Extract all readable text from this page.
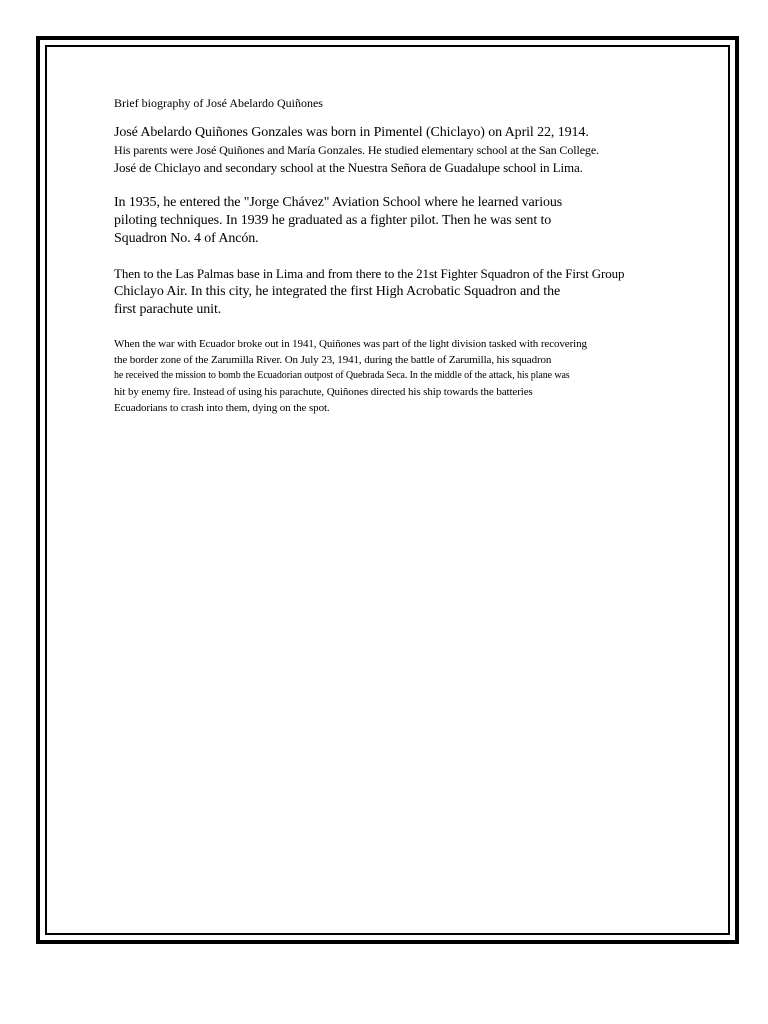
Brief biography of José Abelardo Quiñones
José Abelardo Quiñones Gonzales was born in Pimentel (Chiclayo) on April 22, 1914.
His parents were José Quiñones and María Gonzales. He studied elementary school at the San College.
José de Chiclayo and secondary school at the Nuestra Señora de Guadalupe school in Lima.
In 1935, he entered the "Jorge Chávez" Aviation School where he learned various
piloting techniques. In 1939 he graduated as a fighter pilot. Then he was sent to
Squadron No. 4 of Ancón.
Then to the Las Palmas base in Lima and from there to the 21st Fighter Squadron of the First Group
Chiclayo Air. In this city, he integrated the first High Acrobatic Squadron and the
first parachute unit.
When the war with Ecuador broke out in 1941, Quiñones was part of the light division tasked with recovering
the border zone of the Zarumilla River. On July 23, 1941, during the battle of Zarumilla, his squadron
he received the mission to bomb the Ecuadorian outpost of Quebrada Seca. In the middle of the attack, his plane was
hit by enemy fire. Instead of using his parachute, Quiñones directed his ship towards the batteries
Ecuadorians to crash into them, dying on the spot.
